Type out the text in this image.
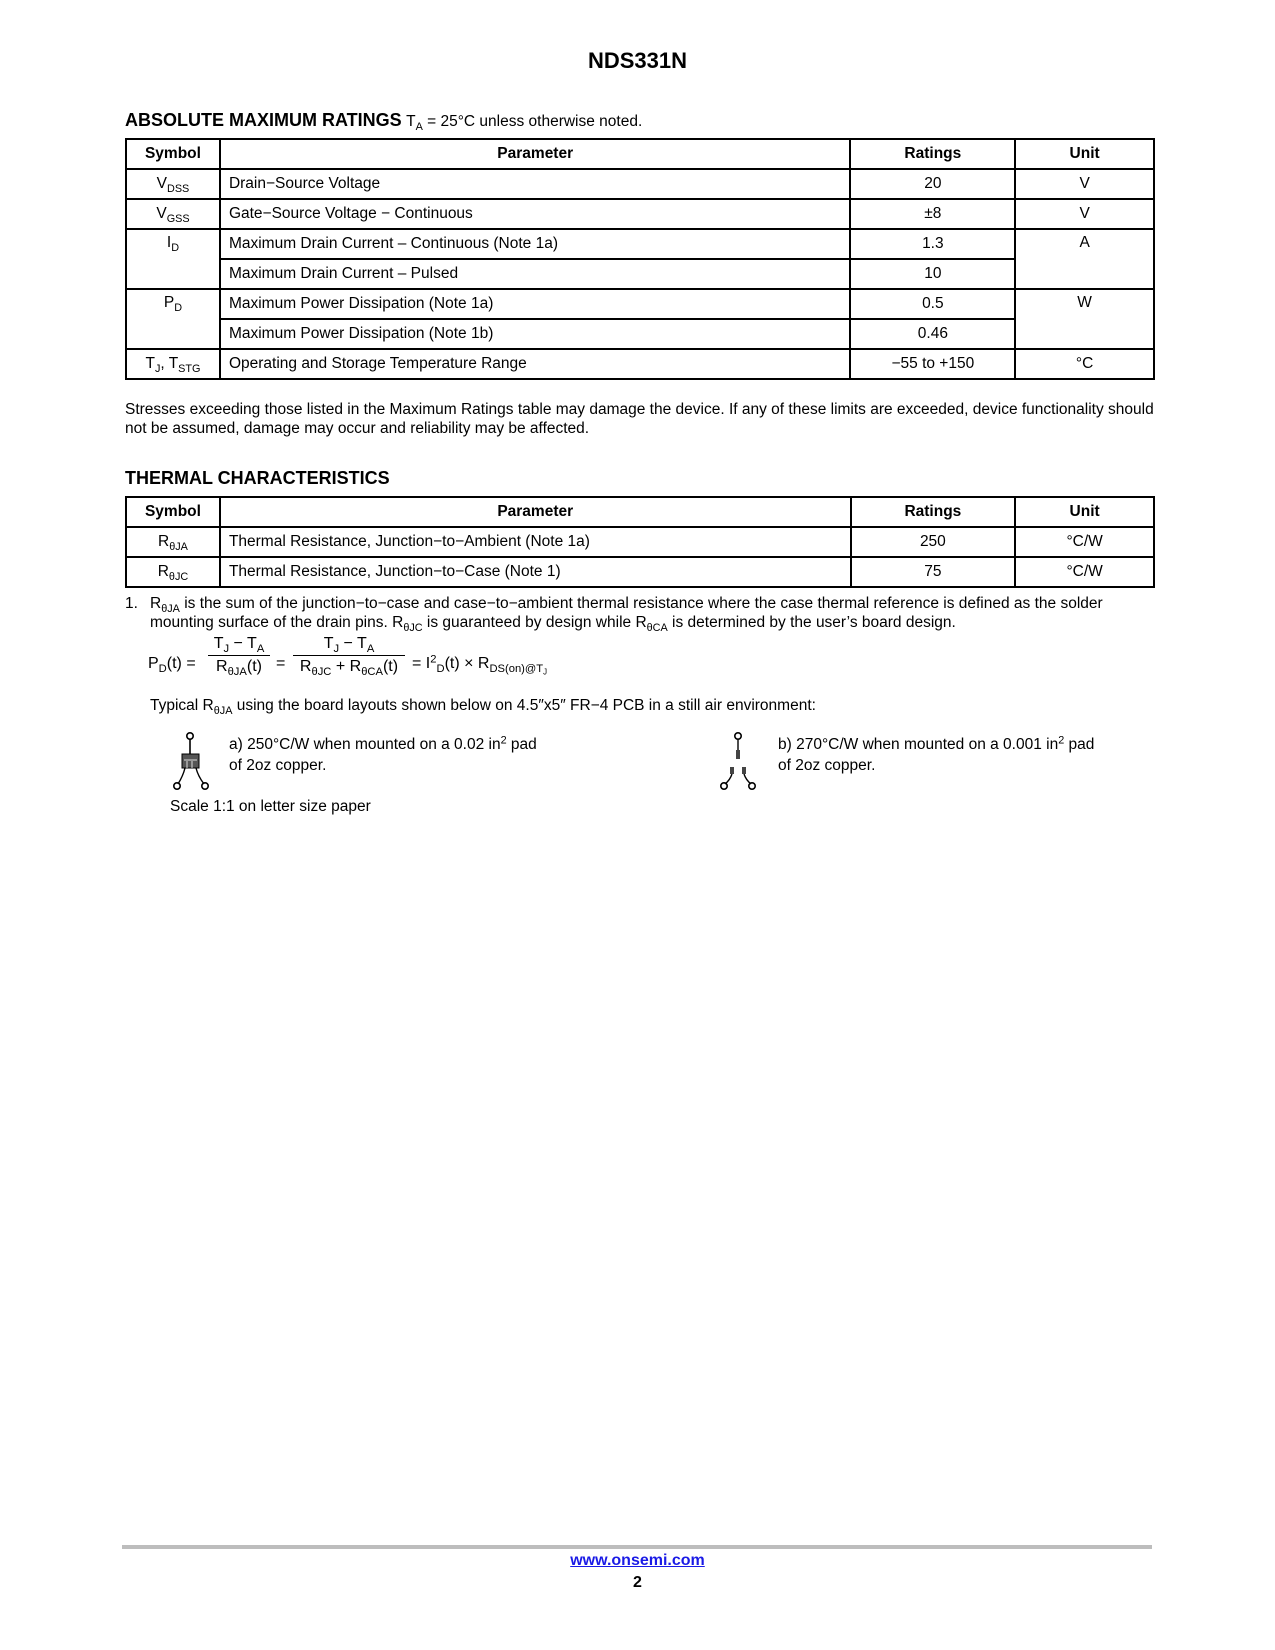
NDS331N
ABSOLUTE MAXIMUM RATINGS $T_A = 25^\circ C$ unless otherwise noted.
Symbol	Parameter	Ratings	Unit
$V_{DSS}$	Drain−Source Voltage	20	V
$V_{GSS}$	Gate−Source Voltage − Continuous	±8	V
$I_D$	Maximum Drain Current – Continuous (Note 1a)	1.3	A
	Maximum Drain Current – Pulsed	10	
$P_D$	Maximum Power Dissipation (Note 1a)	0.5	W
	Maximum Power Dissipation (Note 1b)	0.46	
$T_J$, $T_{STG}$	Operating and Storage Temperature Range	−55 to +150	°C
Stresses exceeding those listed in the Maximum Ratings table may damage the device. If any of these limits are exceeded, device functionality should not be assumed, damage may occur and reliability may be affected.
THERMAL CHARACTERISTICS
Symbol	Parameter	Ratings	Unit
$R_{\theta JA}$	Thermal Resistance, Junction−to−Ambient (Note 1a)	250	°C/W
$R_{\theta JC}$	Thermal Resistance, Junction−to−Case (Note 1)	75	°C/W
1. $R_{\theta JA}$ is the sum of the junction−to−case and case−to−ambient thermal resistance where the case thermal reference is defined as the solder mounting surface of the drain pins. $R_{\theta JC}$ is guaranteed by design while $R_{\theta CA}$ is determined by the user’s board design.
$P_D(t)$ =
$T_J - T_A$
$R_{\theta JA}(t)$ =
$T_J - T_A$
$R_{\theta JC} + R_{\theta CA}(t) = I^2_D(t) \times R_{DS(on)@T_J}$
Typical $R_{\theta JA}$ using the board layouts shown below on 4.5″x5″ FR−4 PCB in a still air environment:
a) 250°C/W when mounted on a 0.02 $in^2$ pad
of 2oz copper.
b) 270°C/W when mounted on a 0.001 $in^2$ pad
of 2oz copper.
Scale 1:1 on letter size paper
www.onsemi.com
2
